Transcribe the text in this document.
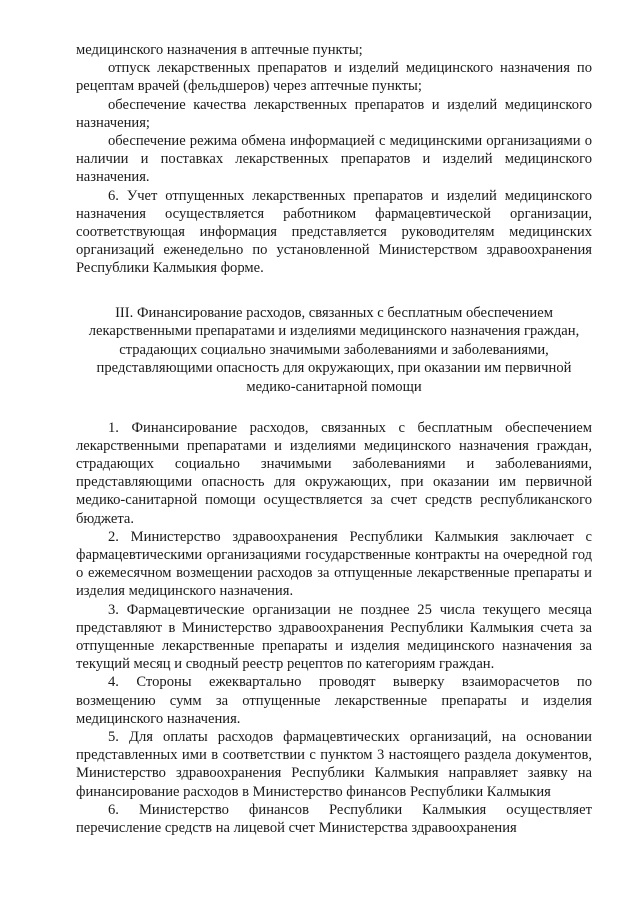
медицинского назначения в аптечные пункты;

отпуск лекарственных препаратов и изделий медицинского назначения по рецептам врачей (фельдшеров) через аптечные пункты;

обеспечение качества лекарственных препаратов и изделий медицинского назначения;

обеспечение режима обмена информацией с медицинскими организациями о наличии и поставках лекарственных препаратов и изделий медицинского назначения.

6. Учет отпущенных лекарственных препаратов и изделий медицинского назначения осуществляется работником фармацевтической организации, соответствующая информация представляется руководителям медицинских организаций еженедельно по установленной Министерством здравоохранения Республики Калмыкия форме.

III. Финансирование расходов, связанных с бесплатным обеспечением
лекарственными препаратами и изделиями медицинского назначения граждан,
страдающих социально значимыми заболеваниями и заболеваниями,
представляющими опасность для окружающих, при оказании им первичной
медико-санитарной помощи

1. Финансирование расходов, связанных с бесплатным обеспечением лекарственными препаратами и изделиями медицинского назначения граждан, страдающих социально значимыми заболеваниями и заболеваниями, представляющими опасность для окружающих, при оказании им первичной медико-санитарной помощи осуществляется за счет средств республиканского бюджета.

2. Министерство здравоохранения Республики Калмыкия заключает с фармацевтическими организациями государственные контракты на очередной год о ежемесячном возмещении расходов за отпущенные лекарственные препараты и изделия медицинского назначения.

3. Фармацевтические организации не позднее 25 числа текущего месяца представляют в Министерство здравоохранения Республики Калмыкия счета за отпущенные лекарственные препараты и изделия медицинского назначения за текущий месяц и сводный реестр рецептов по категориям граждан.

4. Стороны ежеквартально проводят выверку взаиморасчетов по возмещению сумм за отпущенные лекарственные препараты и изделия медицинского назначения.

5. Для оплаты расходов фармацевтических организаций, на основании представленных ими в соответствии с пунктом 3 настоящего раздела документов, Министерство здравоохранения Республики Калмыкия направляет заявку на финансирование расходов в Министерство финансов Республики Калмыкия

6. Министерство финансов Республики Калмыкия осуществляет перечисление средств на лицевой счет Министерства здравоохранения
